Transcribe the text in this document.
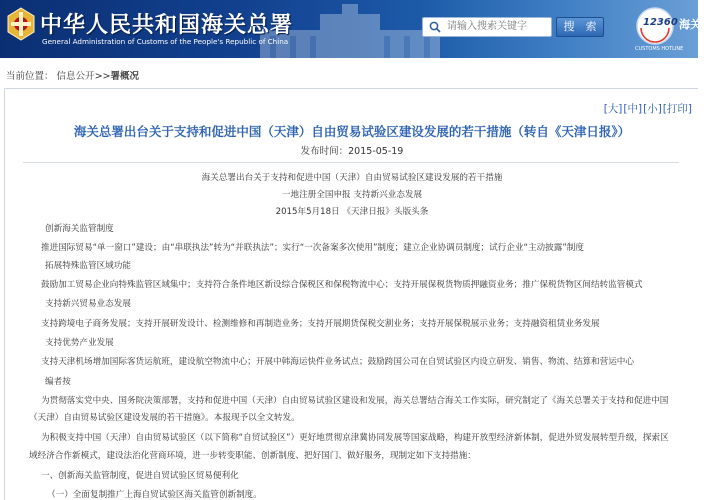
中华人民共和国海关总署
General Administration of Customs of the People's Republic of China
请输入搜索关键字
搜　索	12360 海关热
CUSTOMS HOTLINE
当前位置： 信息公开>>署概况
[大][中][小][打印]
海关总署出台关于支持和促进中国（天津）自由贸易试验区建设发展的若干措施（转自《天津日报》）
发布时间：2015-05-19
海关总署出台关于支持和促进中国（天津）自由贸易试验区建设发展的若干措施
一地注册全国申报 支持新兴业态发展
2015年5月18日 《天津日报》头版头条
创新海关监管制度
推进国际贸易“单一窗口”建设；由“串联执法”转为“并联执法”；实行“一次备案多次使用”制度；建立企业协调员制度；试行企业“主动披露”制度
拓展特殊监管区域功能
鼓励加工贸易企业向特殊监管区域集中；支持符合条件地区新设综合保税区和保税物流中心；支持开展保税货物质押融资业务；推广保税货物区间结转监管模式
支持新兴贸易业态发展
支持跨境电子商务发展；支持开展研发设计、检测维修和再制造业务；支持开展期货保税交割业务；支持开展保税展示业务；支持融资租赁业务发展
支持优势产业发展
支持天津机场增加国际客货运航班，建设航空物流中心；开展中韩海运快件业务试点；鼓励跨国公司在自贸试验区内设立研发、销售、物流、结算和营运中心
编者按
为贯彻落实党中央、国务院决策部署，支持和促进中国（天津）自由贸易试验区建设和发展，海关总署结合海关工作实际，研究制定了《海关总署关于支持和促进中国
（天津）自由贸易试验区建设发展的若干措施》。本报现予以全文转发。
为积极支持中国（天津）自由贸易试验区（以下简称“自贸试验区”）更好地贯彻京津冀协同发展等国家战略，构建开放型经济新体制，促进外贸发展转型升级，探索区
域经济合作新模式，建设法治化营商环境，进一步转变职能、创新制度、把好国门、做好服务，现制定如下支持措施：
一、创新海关监管制度，促进自贸试验区贸易便利化
（一）全面复制推广上海自贸试验区海关监管创新制度。
